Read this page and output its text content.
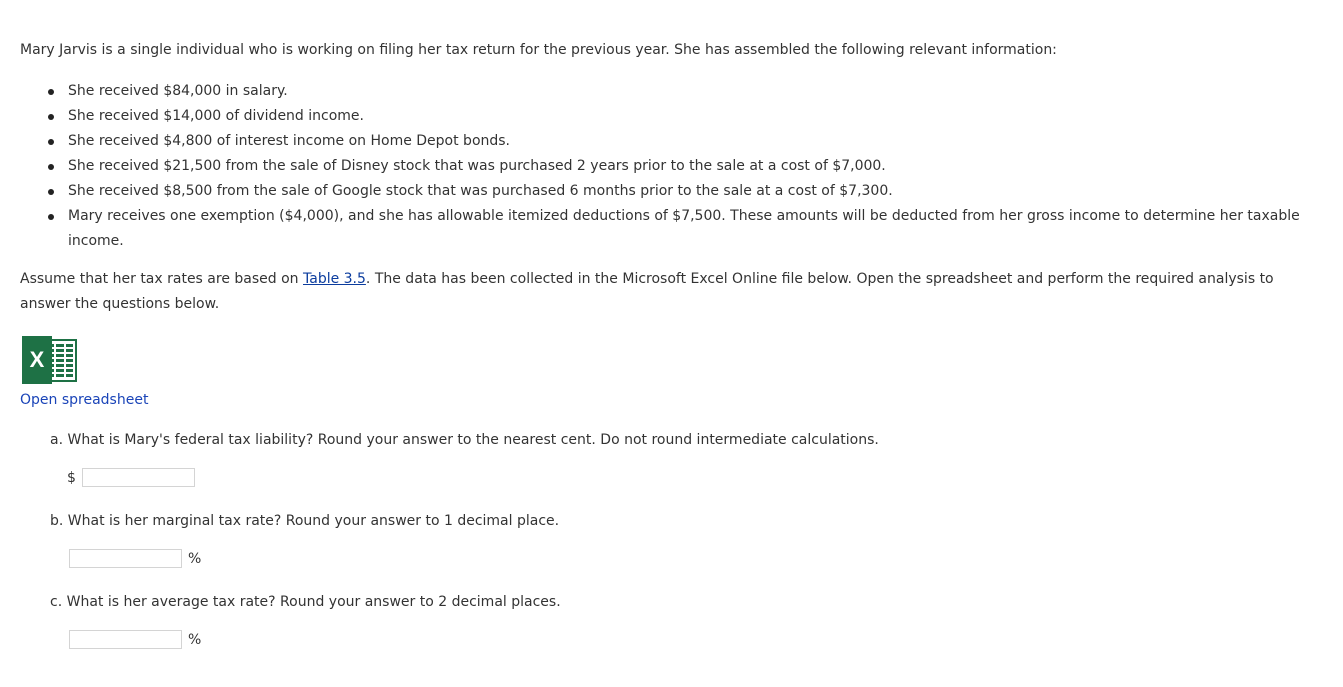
Mary Jarvis is a single individual who is working on filing her tax return for the previous year. She has assembled the following relevant information:
She received $84,000 in salary.
She received $14,000 of dividend income.
She received $4,800 of interest income on Home Depot bonds.
She received $21,500 from the sale of Disney stock that was purchased 2 years prior to the sale at a cost of $7,000.
She received $8,500 from the sale of Google stock that was purchased 6 months prior to the sale at a cost of $7,300.
Mary receives one exemption ($4,000), and she has allowable itemized deductions of $7,500. These amounts will be deducted from her gross income to determine her taxable income.
Assume that her tax rates are based on Table 3.5. The data has been collected in the Microsoft Excel Online file below. Open the spreadsheet and perform the required analysis to answer the questions below.
X
Open spreadsheet
a. What is Mary's federal tax liability? Round your answer to the nearest cent. Do not round intermediate calculations.
$
b. What is her marginal tax rate? Round your answer to 1 decimal place.
%
c. What is her average tax rate? Round your answer to 2 decimal places.
%
